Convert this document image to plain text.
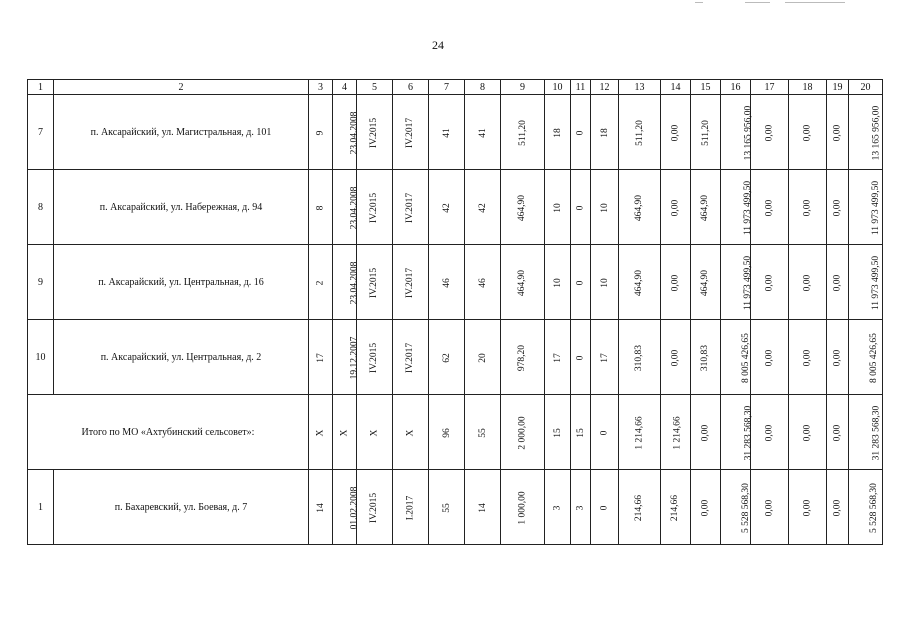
24
1	2	3	4	5	6	7	8	9	10	11	12	13	14	15	16	17	18	19	20
7	п. Аксарайский, ул. Магистральная, д. 101	9	23.04.2008	IV.2015	IV.2017	41	41	511,20	18	0	18	511,20	0,00	511,20	13 165 956,00	0,00	0,00	0,00	13 165 956,00
8	п. Аксарайский, ул. Набережная, д. 94	8	23.04.2008	IV.2015	IV.2017	42	42	464,90	10	0	10	464,90	0,00	464,90	11 973 499,50	0,00	0,00	0,00	11 973 499,50
9	п. Аксарайский, ул. Центральная, д. 16	2	23.04.2008	IV.2015	IV.2017	46	46	464,90	10	0	10	464,90	0,00	464,90	11 973 499,50	0,00	0,00	0,00	11 973 499,50
10	п. Аксарайский, ул. Центральная, д. 2	17	19.12.2007	IV.2015	IV.2017	62	20	978,20	17	0	17	310,83	0,00	310,83	8 005 426,65	0,00	0,00	0,00	8 005 426,65
Итого по МО «Ахтубинский сельсовет»:		X	X	X	X	96	55	2 000,00	15	15	0	1 214,66	1 214,66	0,00	31 283 568,30	0,00	0,00	0,00	31 283 568,30
1	п. Бахаревский, ул. Боевая, д. 7	14	01.02.2008	IV.2015	I.2017	55	14	1 000,00	3	3	0	214,66	214,66	0,00	5 528 568,30	0,00	0,00	0,00	5 528 568,30
